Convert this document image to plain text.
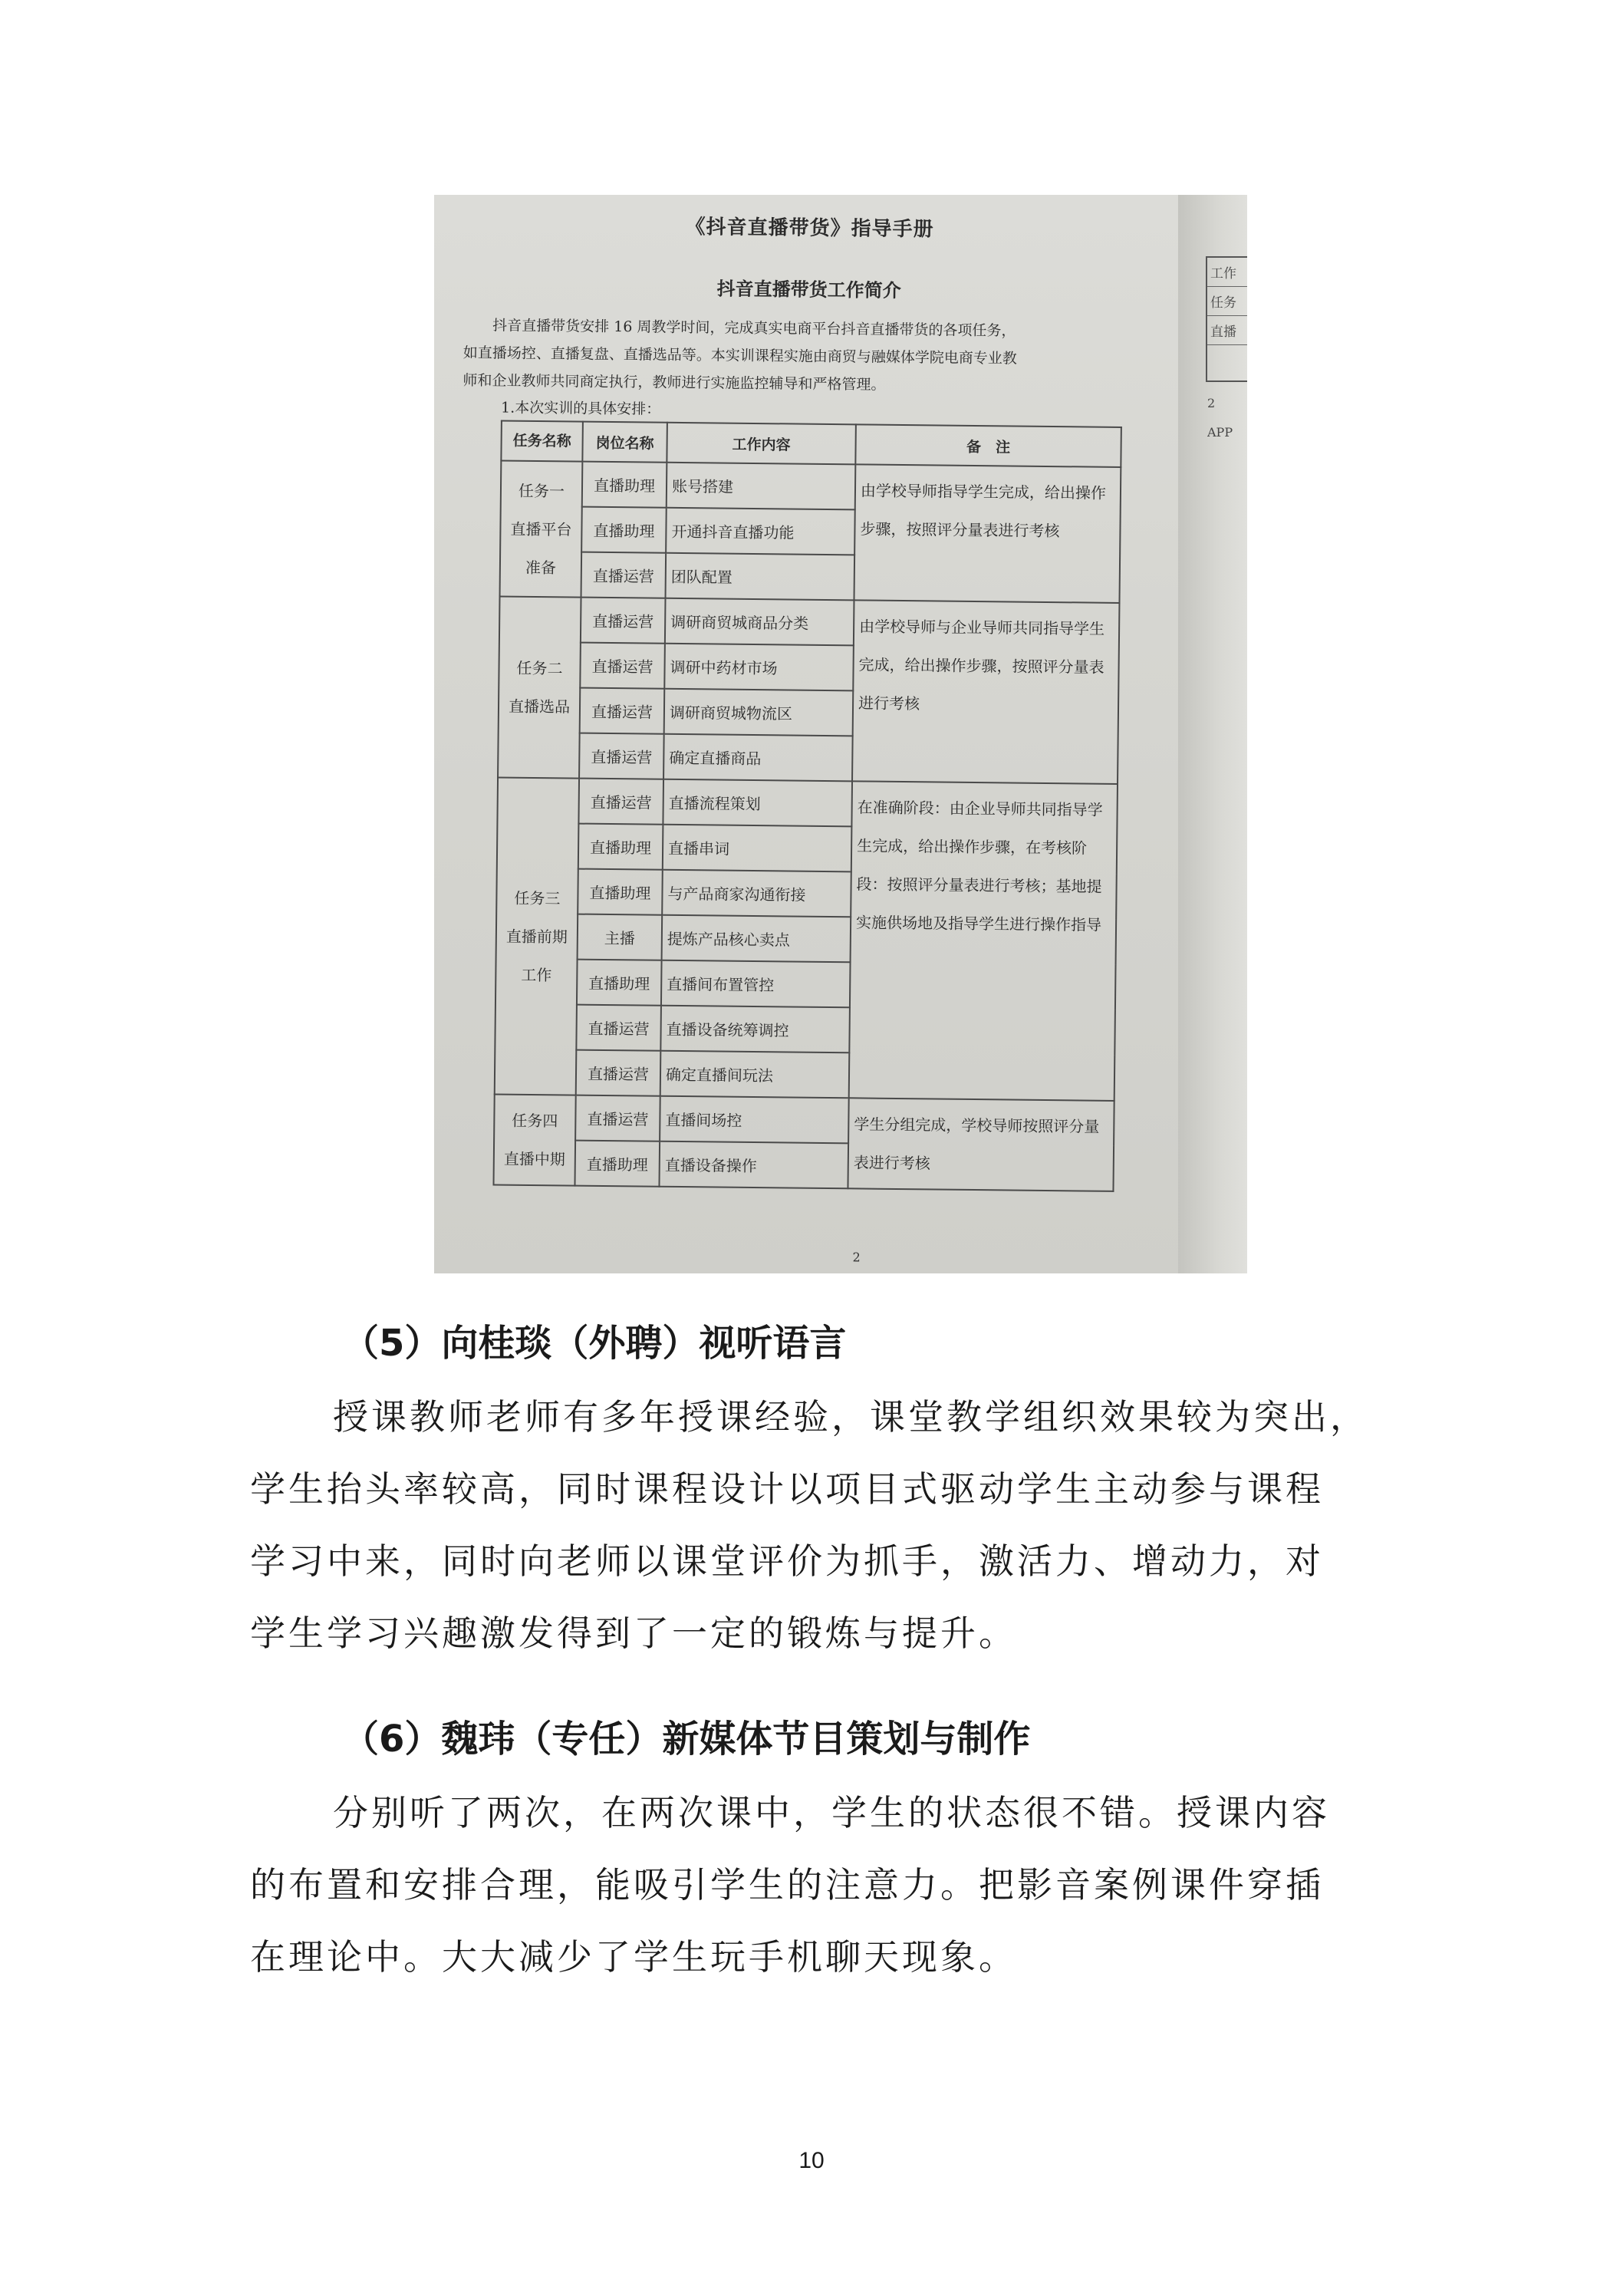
工作
任务
直播
2
APP
《抖音直播带货》指导手册
抖音直播带货工作简介
抖音直播带货安排 16 周教学时间，完成真实电商平台抖音直播带货的各项任务，
如直播场控、直播复盘、直播选品等。本实训课程实施由商贸与融媒体学院电商专业教
师和企业教师共同商定执行，教师进行实施监控辅导和严格管理。
1.本次实训的具体安排：
任务名称	岗位名称	工作内容	备　注
任务一
直播平台
准备	直播助理	账号搭建	由学校导师指导学生完成，给出操作步骤，按照评分量表进行考核
	直播助理	开通抖音直播功能	
	直播运营	团队配置	
任务二
直播选品	直播运营	调研商贸城商品分类	由学校导师与企业导师共同指导学生完成，给出操作步骤，按照评分量表进行考核
	直播运营	调研中药材市场	
	直播运营	调研商贸城物流区	
	直播运营	确定直播商品	
任务三
直播前期
工作	直播运营	直播流程策划	在准确阶段：由企业导师共同指导学生完成，给出操作步骤，在考核阶段：按照评分量表进行考核；基地提实施供场地及指导学生进行操作指导
	直播助理	直播串词	
	直播助理	与产品商家沟通衔接	
	主播	提炼产品核心卖点	
	直播助理	直播间布置管控	
	直播运营	直播设备统筹调控	
	直播运营	确定直播间玩法	
任务四
直播中期	直播运营	直播间场控	学生分组完成，学校导师按照评分量表进行考核
	直播助理	直播设备操作	
2
（5）向桂琰（外聘）视听语言
授课教师老师有多年授课经验，课堂教学组织效果较为突出，
学生抬头率较高，同时课程设计以项目式驱动学生主动参与课程
学习中来，同时向老师以课堂评价为抓手，激活力、增动力，对
学生学习兴趣激发得到了一定的锻炼与提升。
（6）魏玮（专任）新媒体节目策划与制作
分别听了两次，在两次课中，学生的状态很不错。授课内容
的布置和安排合理，能吸引学生的注意力。把影音案例课件穿插
在理论中。大大减少了学生玩手机聊天现象。
10
